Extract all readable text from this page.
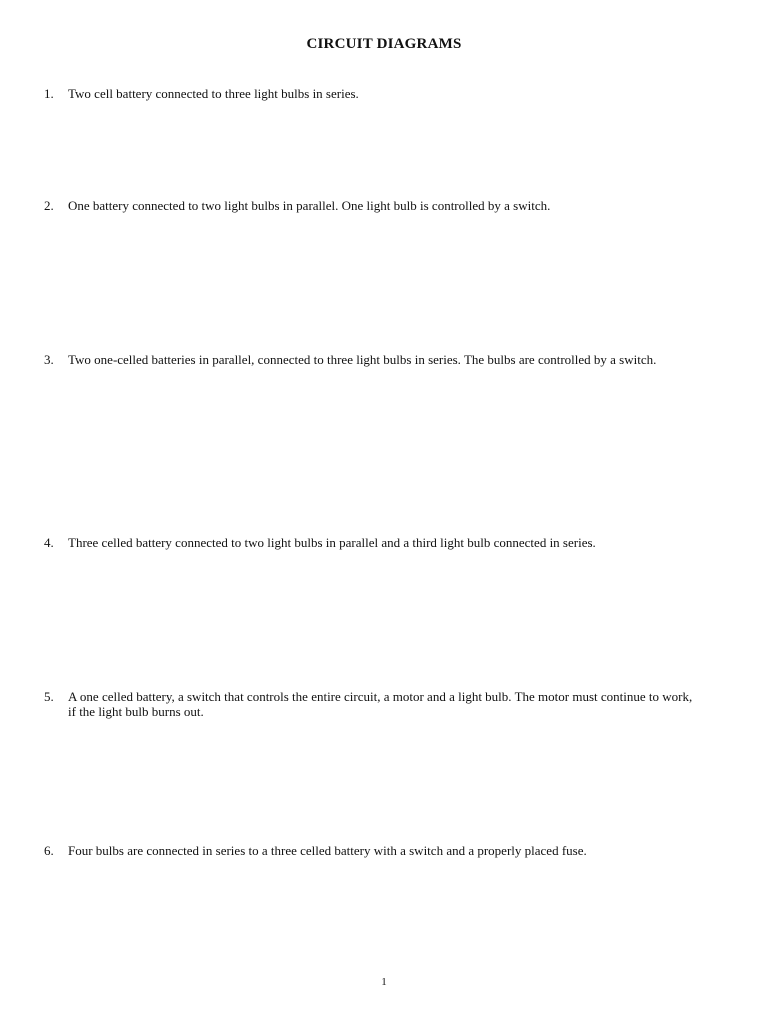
CIRCUIT DIAGRAMS
1.	Two cell battery connected to three light bulbs in series.
2.	One battery connected to two light bulbs in parallel. One light bulb is controlled by a switch.
3.	Two one-celled batteries in parallel, connected to three light bulbs in series. The bulbs are controlled by a switch.
4.	Three celled battery connected to two light bulbs in parallel and a third light bulb connected in series.
5.	A one celled battery, a switch that controls the entire circuit, a motor and a light bulb. The motor must continue to work, if the light bulb burns out.
6.	Four bulbs are connected in series to a three celled battery with a switch and a properly placed fuse.
1
